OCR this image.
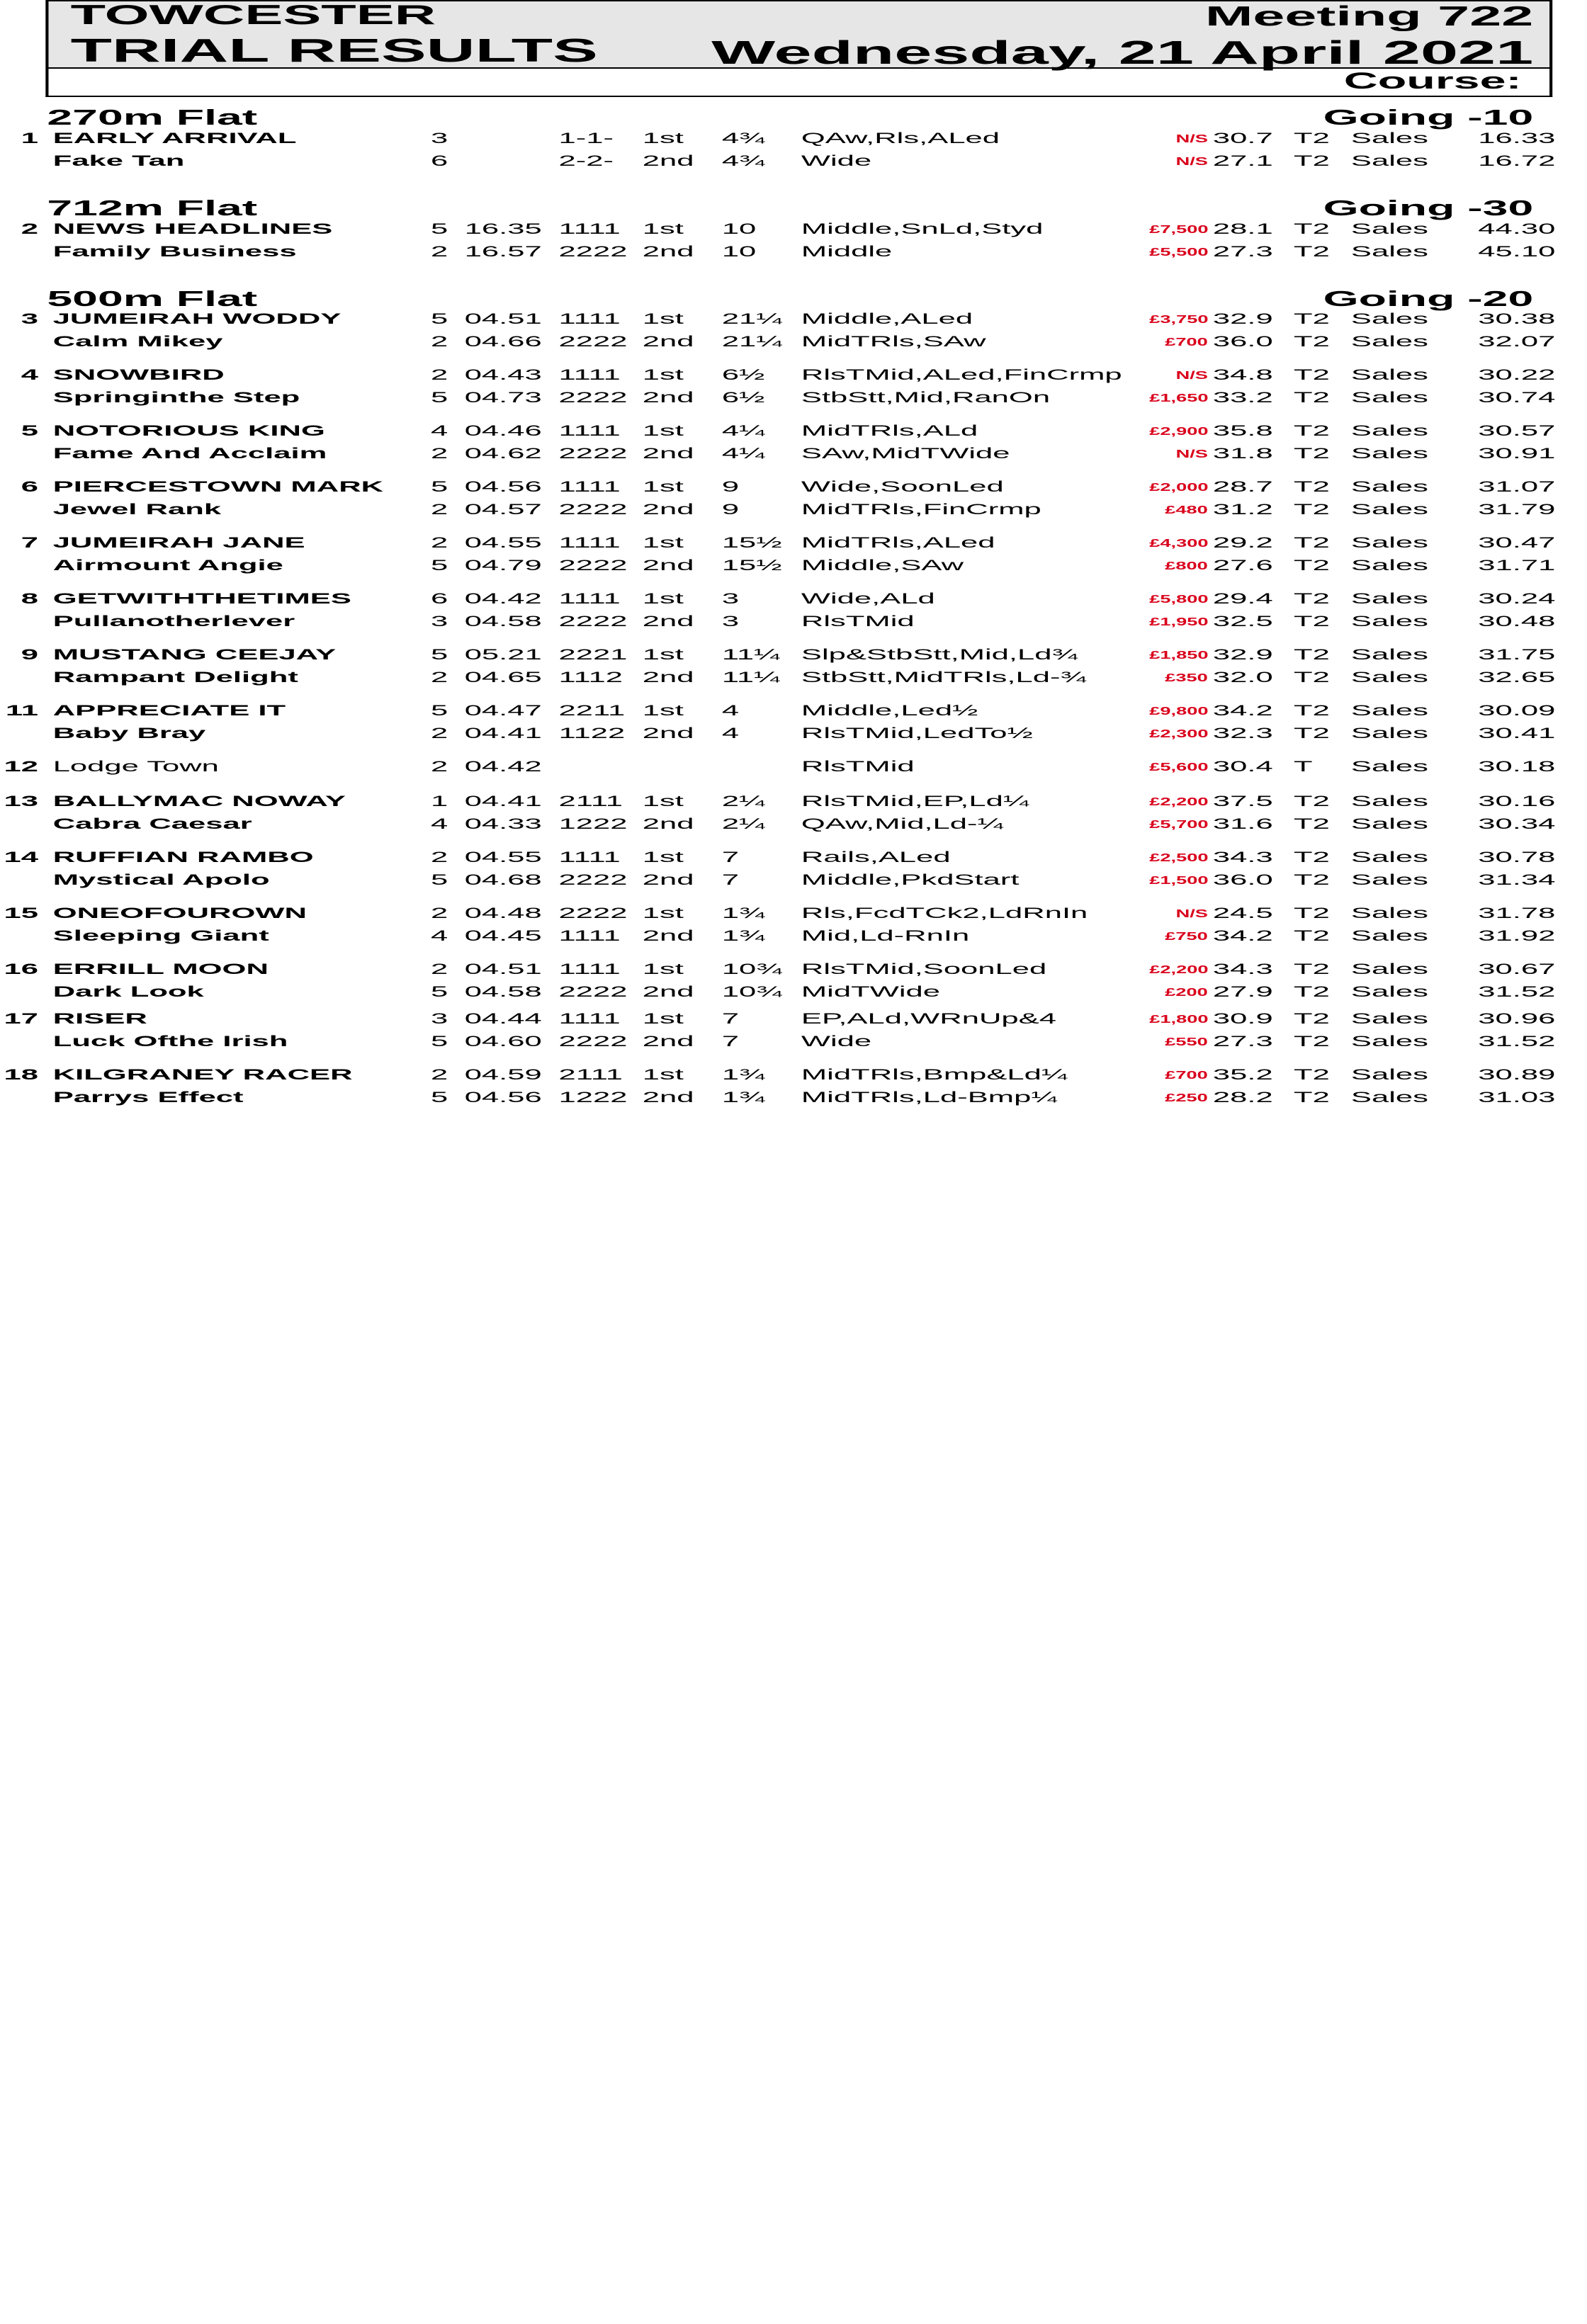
TOWCESTER
TRIAL RESULTS
Meeting 722
Wednesday, 21 April 2021
Course:
270m Flat	Going -10
712m Flat	Going -30
500m Flat	Going -20
1 EARLY ARRIVAL	3	1-1- 1st	4¾ QAw,Rls,ALed	N/S 30.7 T2 Sales	16.33
Fake Tan	6	2-2- 2nd 4¾ Wide	N/S 27.1 T2 Sales	16.72
2 NEWS HEADLINES	5 16.35 1111 1st	10	Middle,SnLd,Styd	£7,500 28.1 T2 Sales	44.30
Family Business	2 16.57 2222 2nd 10	Middle	£5,500 27.3 T2 Sales	45.10
3 JUMEIRAH WODDY	5 04.51 1111 1st	21¼ Middle,ALed	£3,750 32.9 T2 Sales	30.38
Calm Mikey	2 04.66 2222 2nd 21¼ MidTRls,SAw	£700 36.0 T2 Sales	32.07
4 SNOWBIRD	2 04.43 1111 1st	6½ RlsTMid,ALed,FinCrmp	N/S 34.8 T2 Sales	30.22
Springinthe Step	5 04.73 2222 2nd 6½ StbStt,Mid,RanOn	£1,650 33.2 T2 Sales	30.74
5 NOTORIOUS KING	4 04.46 1111 1st	4¼ MidTRls,ALd	£2,900 35.8 T2 Sales	30.57
Fame And Acclaim	2 04.62 2222 2nd 4¼ SAw,MidTWide	N/S 31.8 T2 Sales	30.91
6 PIERCESTOWN MARK	5 04.56 1111 1st	9	Wide,SoonLed	£2,000 28.7 T2 Sales	31.07
Jewel Rank	2 04.57 2222 2nd 9	MidTRls,FinCrmp	£480 31.2 T2 Sales	31.79
7 JUMEIRAH JANE	2 04.55 1111 1st	15½ MidTRls,ALed	£4,300 29.2 T2 Sales	30.47
Airmount Angie	5 04.79 2222 2nd 15½ Middle,SAw	£800 27.6 T2 Sales	31.71
8 GETWITHTHETIMES	6 04.42 1111 1st	3	Wide,ALd	£5,800 29.4 T2 Sales	30.24
Pullanotherlever	3 04.58 2222 2nd 3	RlsTMid	£1,950 32.5 T2 Sales	30.48
9 MUSTANG CEEJAY	5 05.21 2221 1st	11¼ Slp&StbStt,Mid,Ld¾	£1,850 32.9 T2 Sales	31.75
Rampant Delight	2 04.65 1112 2nd 11¼ StbStt,MidTRls,Ld-¾	£350 32.0 T2 Sales	32.65
11 APPRECIATE IT	5 04.47 2211 1st	4	Middle,Led½	£9,800 34.2 T2 Sales	30.09
Baby Bray	2 04.41 1122 2nd 4	RlsTMid,LedTo½	£2,300 32.3 T2 Sales	30.41
12 Lodge Town	2 04.42	RlsTMid	£5,600 30.4 T	Sales	30.18
13 BALLYMAC NOWAY	1 04.41 2111 1st	2¼ RlsTMid,EP,Ld¼	£2,200 37.5 T2 Sales	30.16
Cabra Caesar	4 04.33 1222 2nd 2¼ QAw,Mid,Ld-¼	£5,700 31.6 T2 Sales	30.34
14 RUFFIAN RAMBO	2 04.55 1111 1st	7	Rails,ALed	£2,500 34.3 T2 Sales	30.78
Mystical Apolo	5 04.68 2222 2nd 7	Middle,PkdStart	£1,500 36.0 T2 Sales	31.34
15 ONEOFOUROWN	2 04.48 2222 1st	1¾ Rls,FcdTCk2,LdRnIn	N/S 24.5 T2 Sales	31.78
Sleeping Giant	4 04.45 1111 2nd 1¾ Mid,Ld-RnIn	£750 34.2 T2 Sales	31.92
16 ERRILL MOON	2 04.51 1111 1st	10¾ RlsTMid,SoonLed	£2,200 34.3 T2 Sales	30.67
Dark Look	5 04.58 2222 2nd 10¾ MidTWide	£200 27.9 T2 Sales	31.52
17 RISER	3 04.44 1111 1st	7	EP,ALd,WRnUp&4	£1,800 30.9 T2 Sales	30.96
Luck Ofthe Irish	5 04.60 2222 2nd 7	Wide	£550 27.3 T2 Sales	31.52
18 KILGRANEY RACER	2 04.59 2111 1st	1¾ MidTRls,Bmp&Ld¼	£700 35.2 T2 Sales	30.89
Parrys Effect	5 04.56 1222 2nd 1¾ MidTRls,Ld-Bmp¼	£250 28.2 T2 Sales	31.03
